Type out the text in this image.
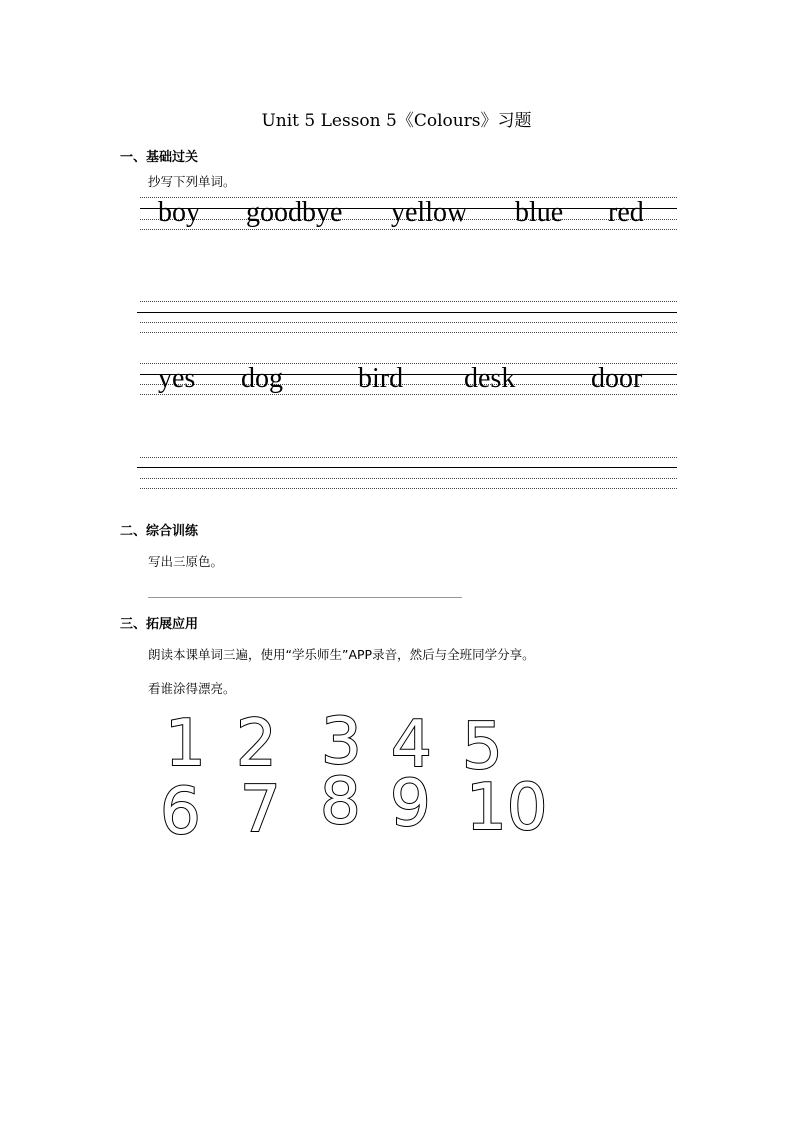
Unit 5 Lesson 5《Colours》习题
一、基础过关
抄写下列单词。
boy goodbye yellow blue red
yes dog	bird desk	door
二、综合训练
写出三原色。
三、拓展应用
朗读本课单词三遍，使用“学乐师生”APP录音，然后与全班同学分享。
看谁涂得漂亮。
1 2 3 4 5
6 7 8 9 10
